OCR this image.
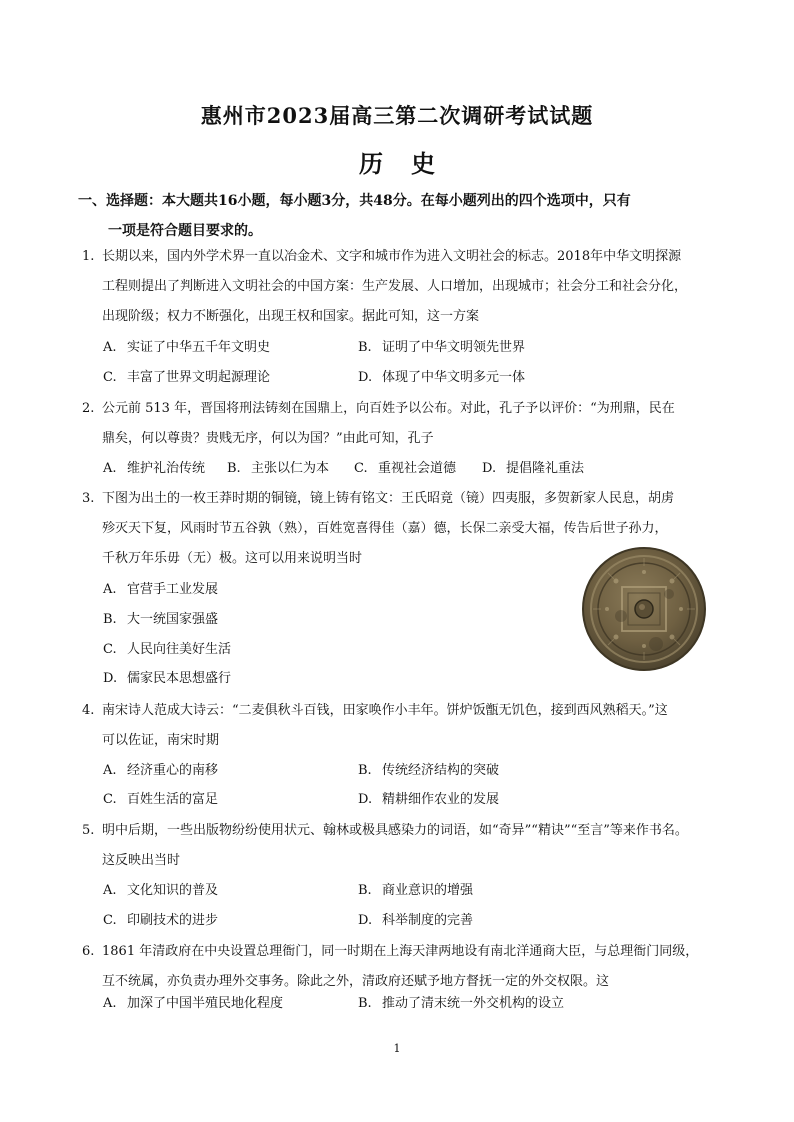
惠州市2023届高三第二次调研考试试题
历史
一、选择题：本大题共16小题，每小题3分，共48分。在每小题列出的四个选项中，只有
一项是符合题目要求的。
1. 长期以来，国内外学术界一直以冶金术、文字和城市作为进入文明社会的标志。2018年中华文明探源
工程则提出了判断进入文明社会的中国方案：生产发展、人口增加，出现城市；社会分工和社会分化，
出现阶级；权力不断强化，出现王权和国家。据此可知，这一方案
A. 实证了中华五千年文明史	B. 证明了中华文明领先世界
C. 丰富了世界文明起源理论	D. 体现了中华文明多元一体
2. 公元前 513 年，晋国将刑法铸刻在国鼎上，向百姓予以公布。对此，孔子予以评价：“为刑鼎，民在
鼎矣，何以尊贵？贵贱无序，何以为国？”由此可知，孔子
A. 维护礼治传统 B. 主张以仁为本 C. 重视社会道德 D. 提倡隆礼重法
3. 下图为出土的一枚王莽时期的铜镜，镜上铸有铭文：王氏昭竟（镜）四夷服，多贺新家人民息，胡虏
殄灭天下复，风雨时节五谷孰（熟），百姓宽喜得佳（嘉）德，长保二亲受大福，传告后世子孙力，
千秋万年乐毋（无）极。这可以用来说明当时
A. 官营手工业发展
B. 大一统国家强盛
C. 人民向往美好生活
D. 儒家民本思想盛行
4. 南宋诗人范成大诗云：“二麦俱秋斗百钱，田家唤作小丰年。饼炉饭甑无饥色，接到西风熟稻天。”这
可以佐证，南宋时期
A. 经济重心的南移	B. 传统经济结构的突破
C. 百姓生活的富足	D. 精耕细作农业的发展
5. 明中后期，一些出版物纷纷使用状元、翰林或极具感染力的词语，如“奇异”“精诀”“至言”等来作书名。
这反映出当时
A. 文化知识的普及	B. 商业意识的增强
C. 印刷技术的进步	D. 科举制度的完善
6. 1861 年清政府在中央设置总理衙门，同一时期在上海天津两地设有南北洋通商大臣，与总理衙门同级，
互不统属，亦负责办理外交事务。除此之外，清政府还赋予地方督抚一定的外交权限。这
A. 加深了中国半殖民地化程度	B. 推动了清末统一外交机构的设立
1
